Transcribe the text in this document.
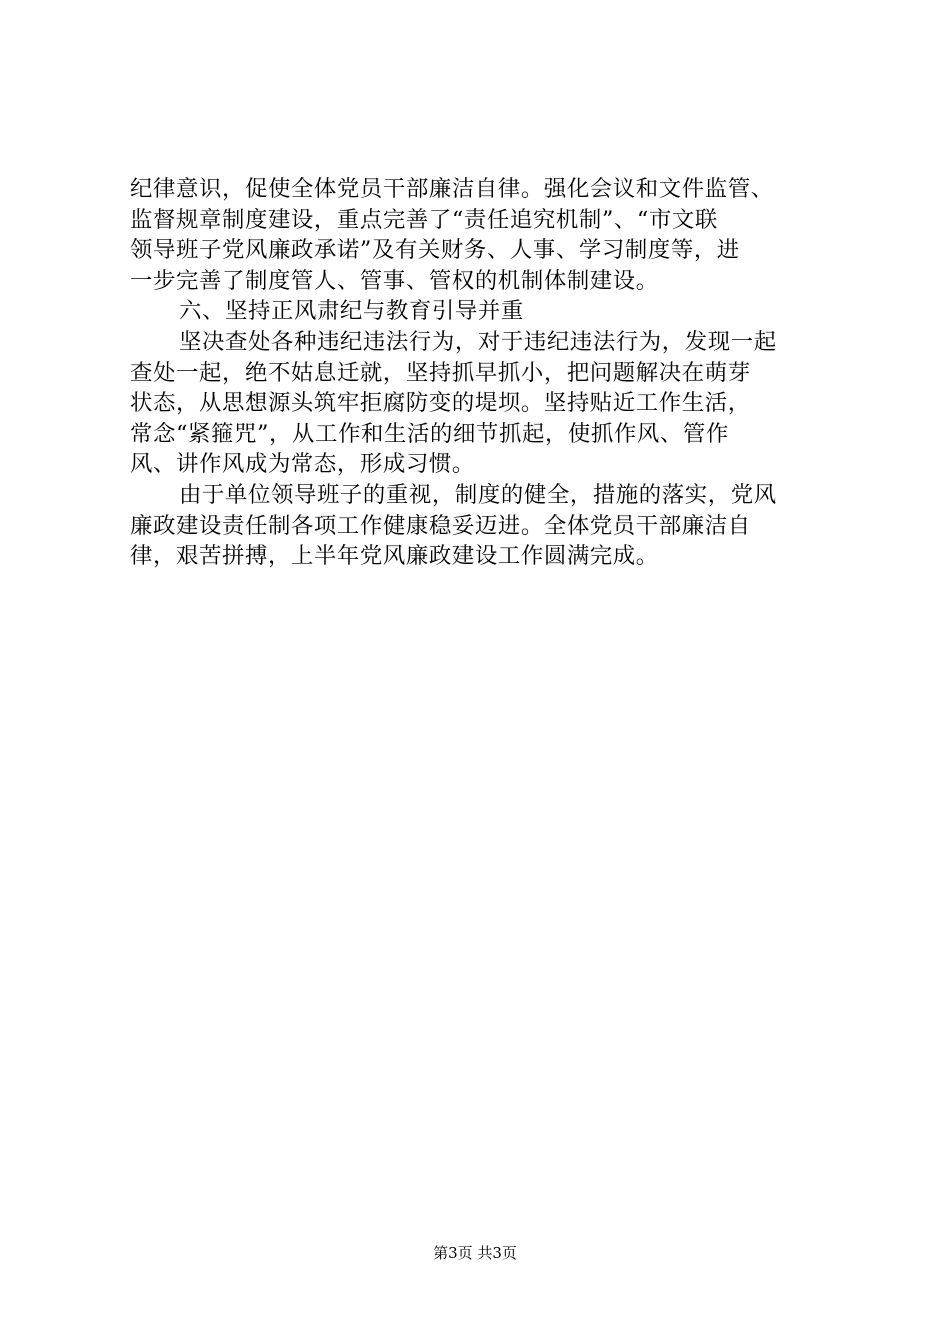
纪律意识，促使全体党员干部廉洁自律。强化会议和文件监管、
监督规章制度建设，重点完善了“责任追究机制”、“市文联
领导班子党风廉政承诺”及有关财务、人事、学习制度等，进
一步完善了制度管人、管事、管权的机制体制建设。
六、坚持正风肃纪与教育引导并重
坚决查处各种违纪违法行为，对于违纪违法行为，发现一起
查处一起，绝不姑息迁就，坚持抓早抓小，把问题解决在萌芽
状态，从思想源头筑牢拒腐防变的堤坝。坚持贴近工作生活，
常念“紧箍咒”，从工作和生活的细节抓起，使抓作风、管作
风、讲作风成为常态，形成习惯。
由于单位领导班子的重视，制度的健全，措施的落实，党风
廉政建设责任制各项工作健康稳妥迈进。全体党员干部廉洁自
律，艰苦拼搏，上半年党风廉政建设工作圆满完成。
第3页 共3页
